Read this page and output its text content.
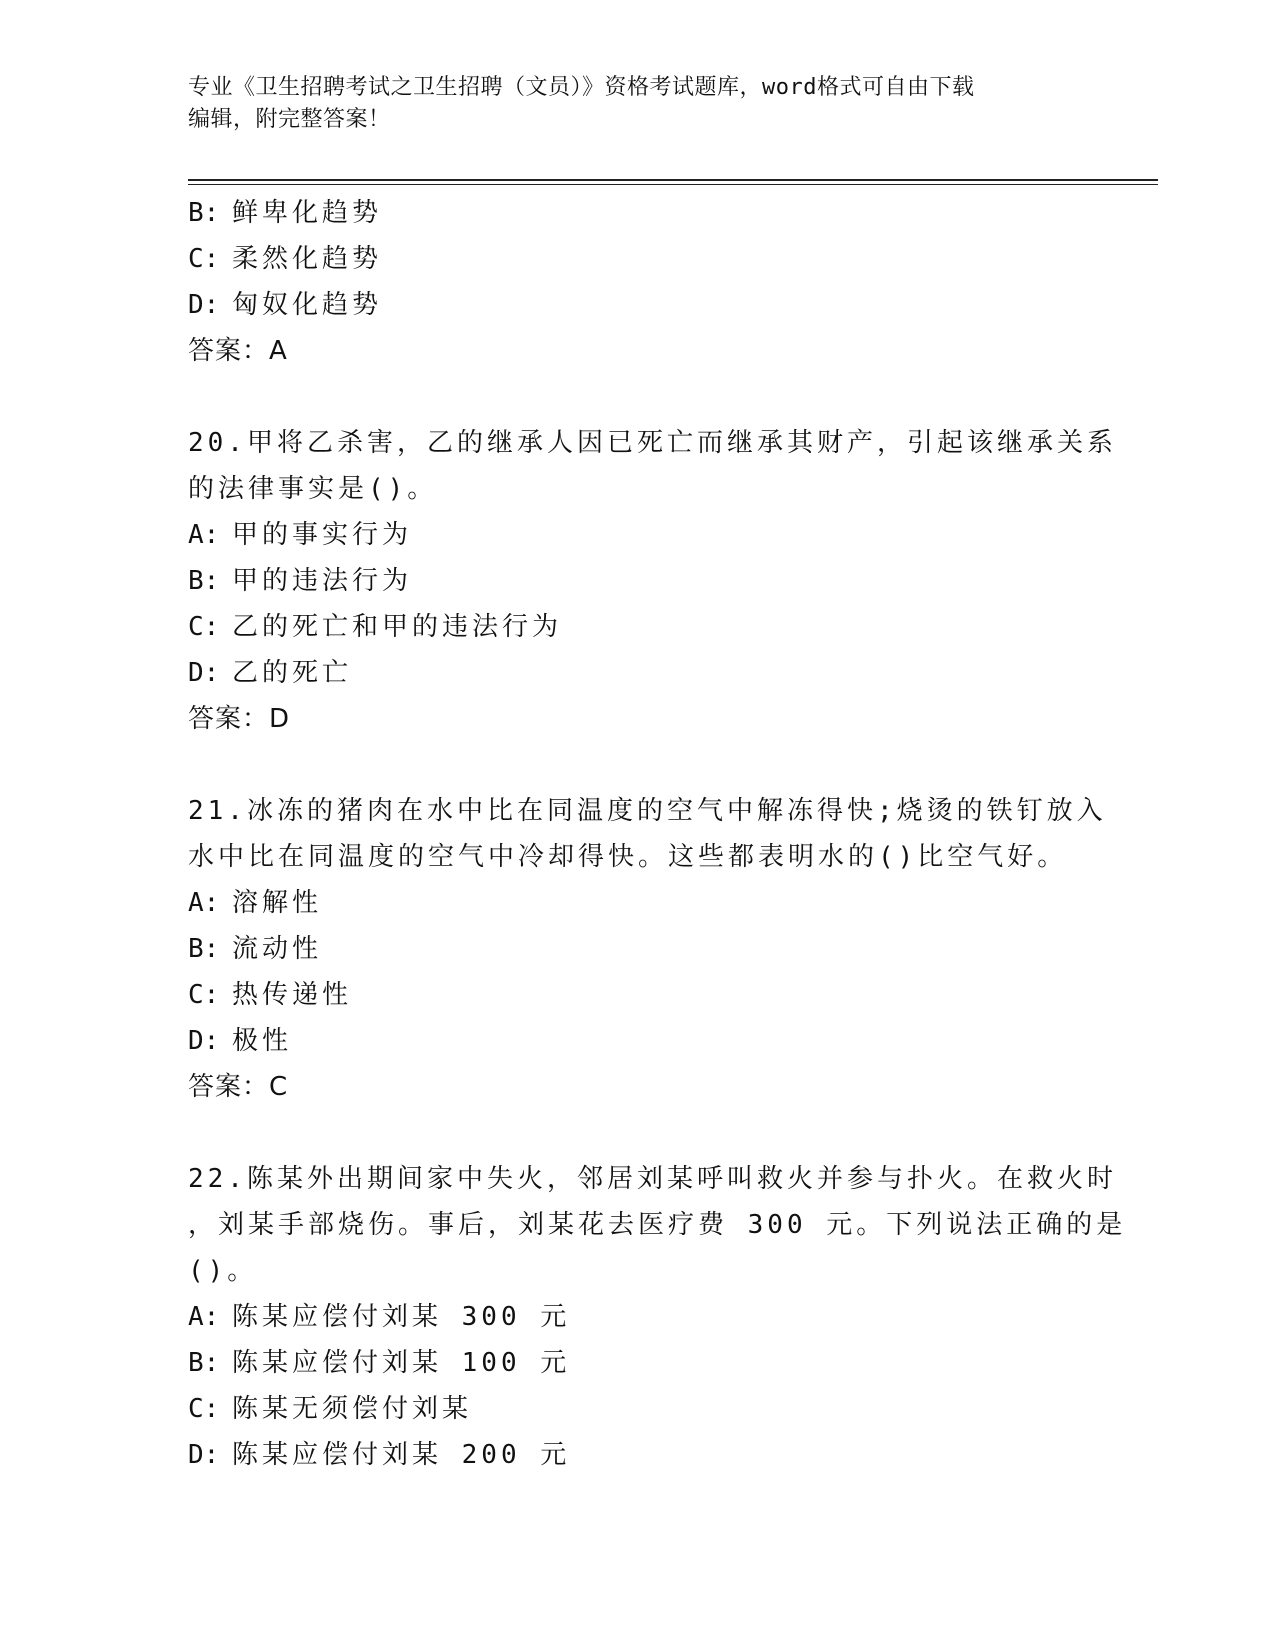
专业《卫生招聘考试之卫生招聘（文员）》资格考试题库，word格式可自由下载
编辑，附完整答案！
B: 鲜卑化趋势
C: 柔然化趋势
D: 匈奴化趋势
答案：A
20.甲将乙杀害，乙的继承人因已死亡而继承其财产，引起该继承关系
的法律事实是()。
A: 甲的事实行为
B: 甲的违法行为
C: 乙的死亡和甲的违法行为
D: 乙的死亡
答案：D
21.冰冻的猪肉在水中比在同温度的空气中解冻得快;烧烫的铁钉放入
水中比在同温度的空气中冷却得快。这些都表明水的()比空气好。
A: 溶解性
B: 流动性
C: 热传递性
D: 极性
答案：C
22.陈某外出期间家中失火，邻居刘某呼叫救火并参与扑火。在救火时
，刘某手部烧伤。事后，刘某花去医疗费 300 元。下列说法正确的是
()。
A: 陈某应偿付刘某 300 元
B: 陈某应偿付刘某 100 元
C: 陈某无须偿付刘某
D: 陈某应偿付刘某 200 元
